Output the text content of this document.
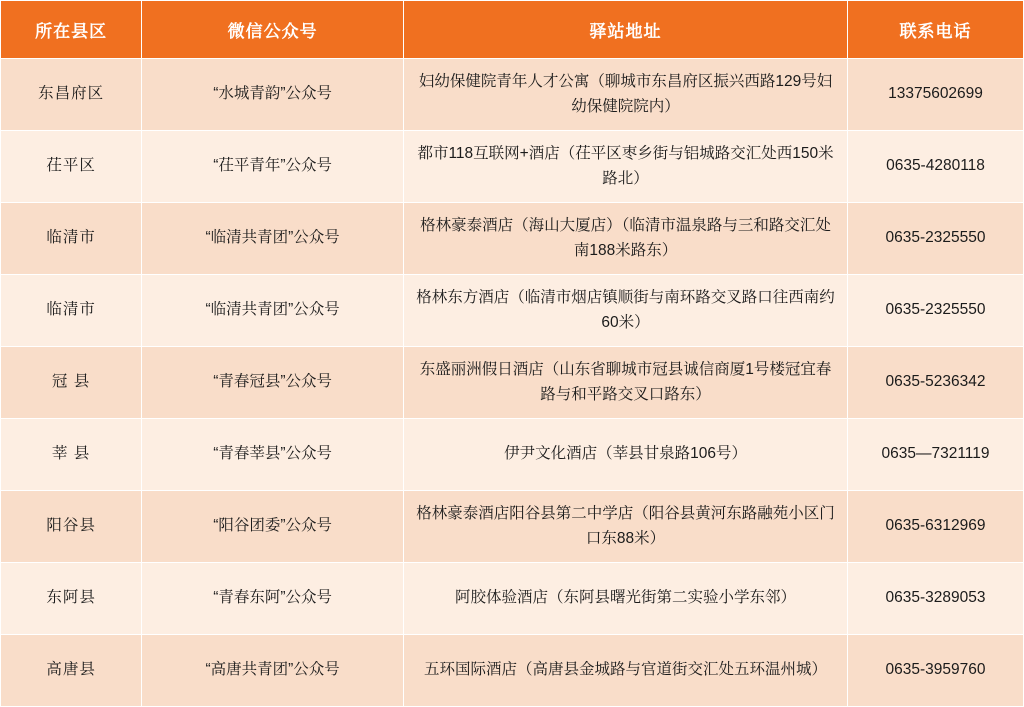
所在县区	微信公众号	驿站地址	联系电话
东昌府区	“水城青韵”公众号	妇幼保健院青年人才公寓（聊城市东昌府区振兴西路129号妇幼保健院院内）	13375602699
茌平区	“茌平青年”公众号	都市118互联网+酒店（茌平区枣乡街与铝城路交汇处西150米路北）	0635-4280118
临清市	“临清共青团”公众号	格林豪泰酒店（海山大厦店）（临清市温泉路与三和路交汇处南188米路东）	0635-2325550
临清市	“临清共青团”公众号	格林东方酒店（临清市烟店镇顺街与南环路交叉路口往西南约60米）	0635-2325550
冠 县	“青春冠县”公众号	东盛丽洲假日酒店（山东省聊城市冠县诚信商厦1号楼冠宜春路与和平路交叉口路东）	0635-5236342
莘 县	“青春莘县”公众号	伊尹文化酒店（莘县甘泉路106号）	0635—7321119
阳谷县	“阳谷团委”公众号	格林豪泰酒店阳谷县第二中学店（阳谷县黄河东路融苑小区门口东88米）	0635-6312969
东阿县	“青春东阿”公众号	阿胶体验酒店（东阿县曙光街第二实验小学东邻）	0635-3289053
高唐县	“高唐共青团”公众号	五环国际酒店（高唐县金城路与官道街交汇处五环温州城）	0635-3959760
